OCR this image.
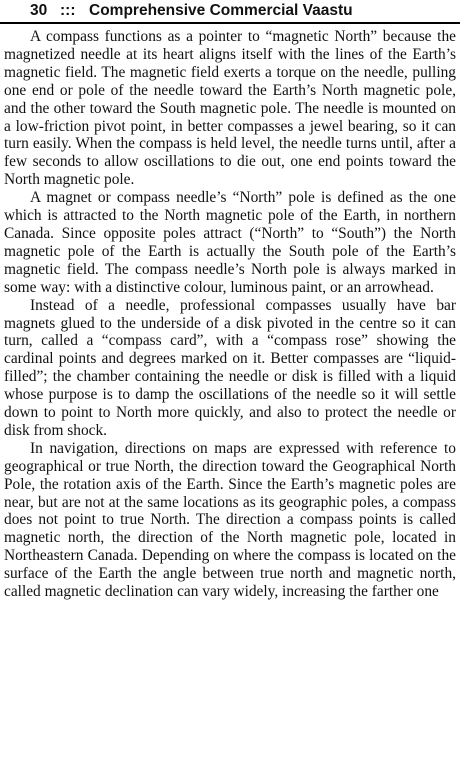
30 ::: Comprehensive Commercial Vaastu

A compass functions as a pointer to “magnetic North” because the magnetized needle at its heart aligns itself with the lines of the Earth’s magnetic field. The magnetic field exerts a torque on the needle, pulling one end or pole of the needle toward the Earth’s North magnetic pole, and the other toward the South magnetic pole. The needle is mounted on a low-friction pivot point, in better compasses a jewel bearing, so it can turn easily. When the compass is held level, the needle turns until, after a few seconds to allow oscillations to die out, one end points toward the North magnetic pole.

A magnet or compass needle’s “North” pole is defined as the one which is attracted to the North magnetic pole of the Earth, in northern Canada. Since opposite poles attract (“North” to “South”) the North magnetic pole of the Earth is actually the South pole of the Earth’s magnetic field. The compass needle’s North pole is always marked in some way: with a distinctive colour, luminous paint, or an arrowhead.

Instead of a needle, professional compasses usually have bar magnets glued to the underside of a disk pivoted in the centre so it can turn, called a “compass card”, with a “compass rose” showing the cardinal points and degrees marked on it. Better compasses are “liquid-filled”; the chamber containing the needle or disk is filled with a liquid whose purpose is to damp the oscillations of the needle so it will settle down to point to North more quickly, and also to protect the needle or disk from shock.

In navigation, directions on maps are expressed with reference to geographical or true North, the direction toward the Geographical North Pole, the rotation axis of the Earth. Since the Earth’s magnetic poles are near, but are not at the same locations as its geographic poles, a compass does not point to true North. The direction a compass points is called magnetic north, the direction of the North magnetic pole, located in Northeastern Canada. Depending on where the compass is located on the surface of the Earth the angle between true north and magnetic north, called magnetic declination can vary widely, increasing the farther one
